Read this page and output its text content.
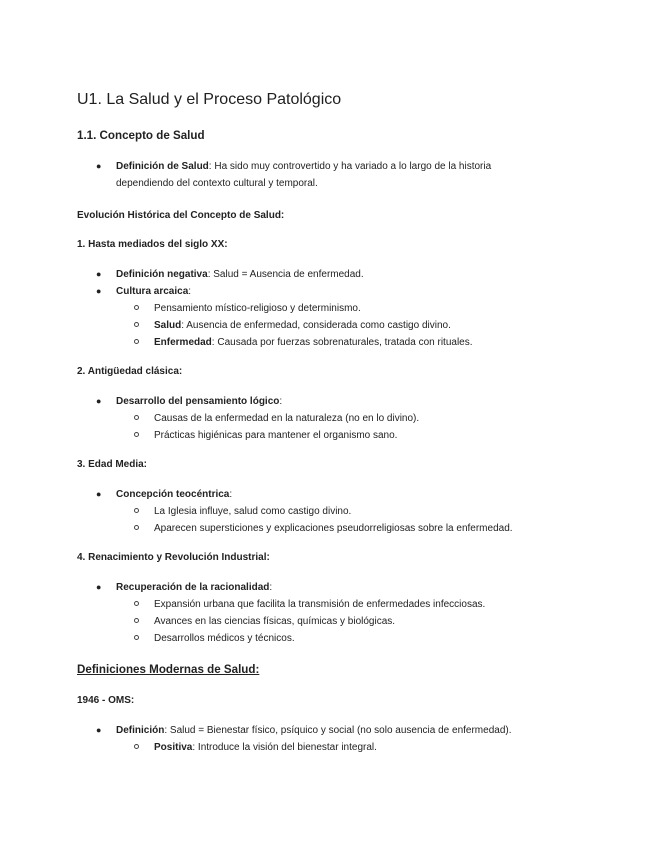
U1. La Salud y el Proceso Patológico
1.1. Concepto de Salud
● Definición de Salud: Ha sido muy controvertido y ha variado a lo largo de la historia
dependiendo del contexto cultural y temporal.
Evolución Histórica del Concepto de Salud:
1. Hasta mediados del siglo XX:
● Definición negativa: Salud = Ausencia de enfermedad.
● Cultura arcaica:
Pensamiento místico-religioso y determinismo.
Salud: Ausencia de enfermedad, considerada como castigo divino.
Enfermedad: Causada por fuerzas sobrenaturales, tratada con rituales.
2. Antigüedad clásica:
● Desarrollo del pensamiento lógico:
Causas de la enfermedad en la naturaleza (no en lo divino).
Prácticas higiénicas para mantener el organismo sano.
3. Edad Media:
● Concepción teocéntrica:
La Iglesia influye, salud como castigo divino.
Aparecen supersticiones y explicaciones pseudorreligiosas sobre la enfermedad.
4. Renacimiento y Revolución Industrial:
● Recuperación de la racionalidad:
Expansión urbana que facilita la transmisión de enfermedades infecciosas.
Avances en las ciencias físicas, químicas y biológicas.
Desarrollos médicos y técnicos.
Definiciones Modernas de Salud:
1946 - OMS:
● Definición: Salud = Bienestar físico, psíquico y social (no solo ausencia de enfermedad).
Positiva: Introduce la visión del bienestar integral.
